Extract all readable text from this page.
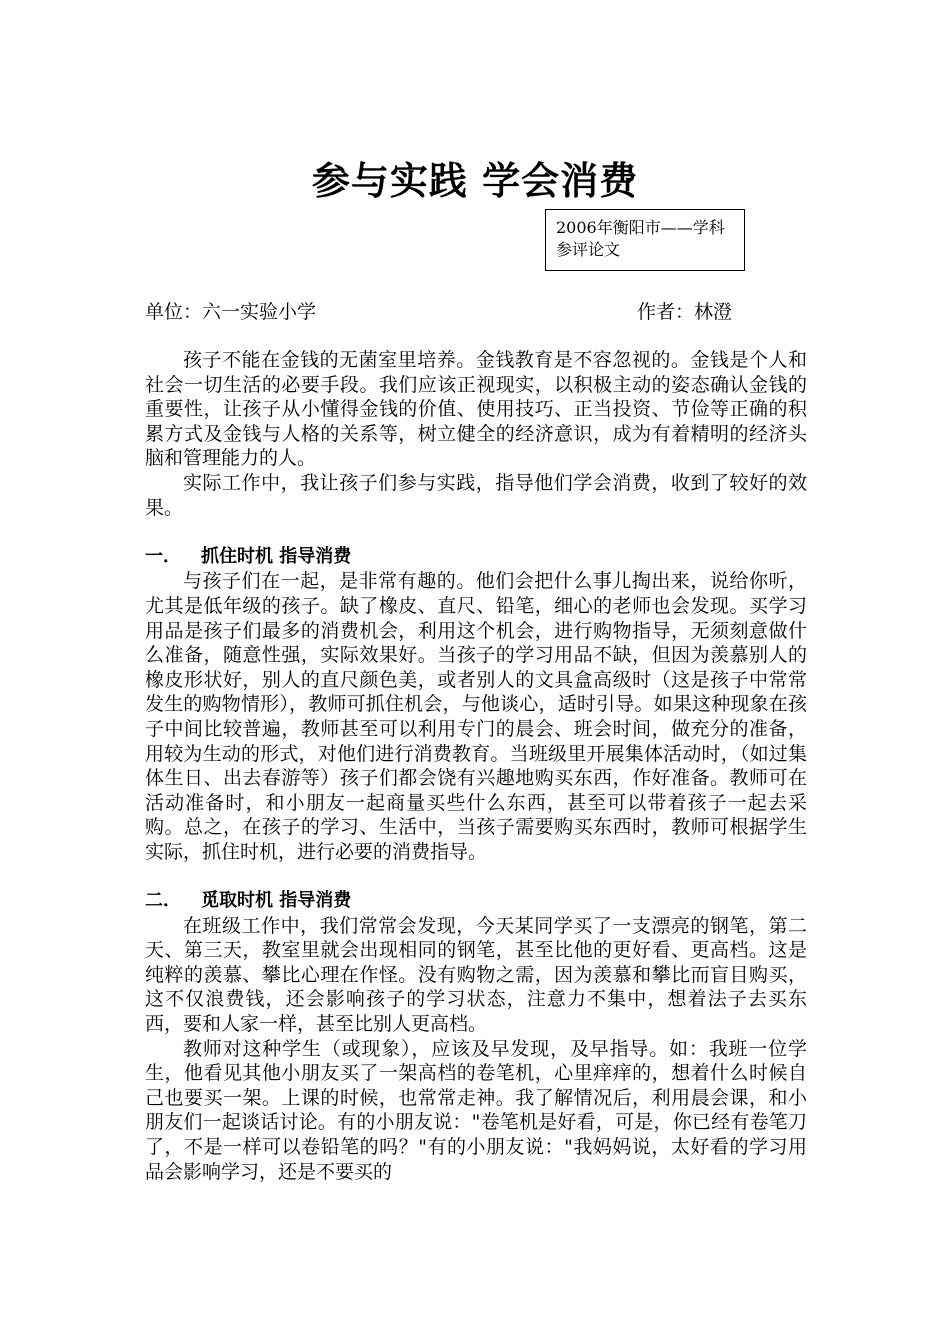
参与实践 学会消费
2006年衡阳市——学科参评论文
单位：六一实验小学	作者：林澄

孩子不能在金钱的无菌室里培养。金钱教育是不容忽视的。金钱是个人和社会一切生活的必要手段。我们应该正视现实，以积极主动的姿态确认金钱的重要性，让孩子从小懂得金钱的价值、使用技巧、正当投资、节俭等正确的积累方式及金钱与人格的关系等，树立健全的经济意识，成为有着精明的经济头脑和管理能力的人。

实际工作中，我让孩子们参与实践，指导他们学会消费，收到了较好的效果。

一． 抓住时机 指导消费

与孩子们在一起，是非常有趣的。他们会把什么事儿掏出来，说给你听，尤其是低年级的孩子。缺了橡皮、直尺、铅笔，细心的老师也会发现。买学习用品是孩子们最多的消费机会，利用这个机会，进行购物指导，无须刻意做什么准备，随意性强，实际效果好。当孩子的学习用品不缺，但因为羡慕别人的橡皮形状好，别人的直尺颜色美，或者别人的文具盒高级时（这是孩子中常常发生的购物情形），教师可抓住机会，与他谈心，适时引导。如果这种现象在孩子中间比较普遍，教师甚至可以利用专门的晨会、班会时间，做充分的准备，用较为生动的形式，对他们进行消费教育。当班级里开展集体活动时，（如过集体生日、出去春游等）孩子们都会饶有兴趣地购买东西，作好准备。教师可在活动准备时，和小朋友一起商量买些什么东西，甚至可以带着孩子一起去采购。总之，在孩子的学习、生活中，当孩子需要购买东西时，教师可根据学生实际，抓住时机，进行必要的消费指导。

二． 觅取时机 指导消费

在班级工作中，我们常常会发现，今天某同学买了一支漂亮的钢笔，第二天、第三天，教室里就会出现相同的钢笔，甚至比他的更好看、更高档。这是纯粹的羡慕、攀比心理在作怪。没有购物之需，因为羡慕和攀比而盲目购买，这不仅浪费钱，还会影响孩子的学习状态，注意力不集中，想着法子去买东西，要和人家一样，甚至比别人更高档。

教师对这种学生（或现象），应该及早发现，及早指导。如：我班一位学生，他看见其他小朋友买了一架高档的卷笔机，心里痒痒的，想着什么时候自己也要买一架。上课的时候，也常常走神。我了解情况后，利用晨会课，和小朋友们一起谈话讨论。有的小朋友说："卷笔机是好看，可是，你已经有卷笔刀了，不是一样可以卷铅笔的吗？"有的小朋友说："我妈妈说，太好看的学习用品会影响学习，还是不要买的
